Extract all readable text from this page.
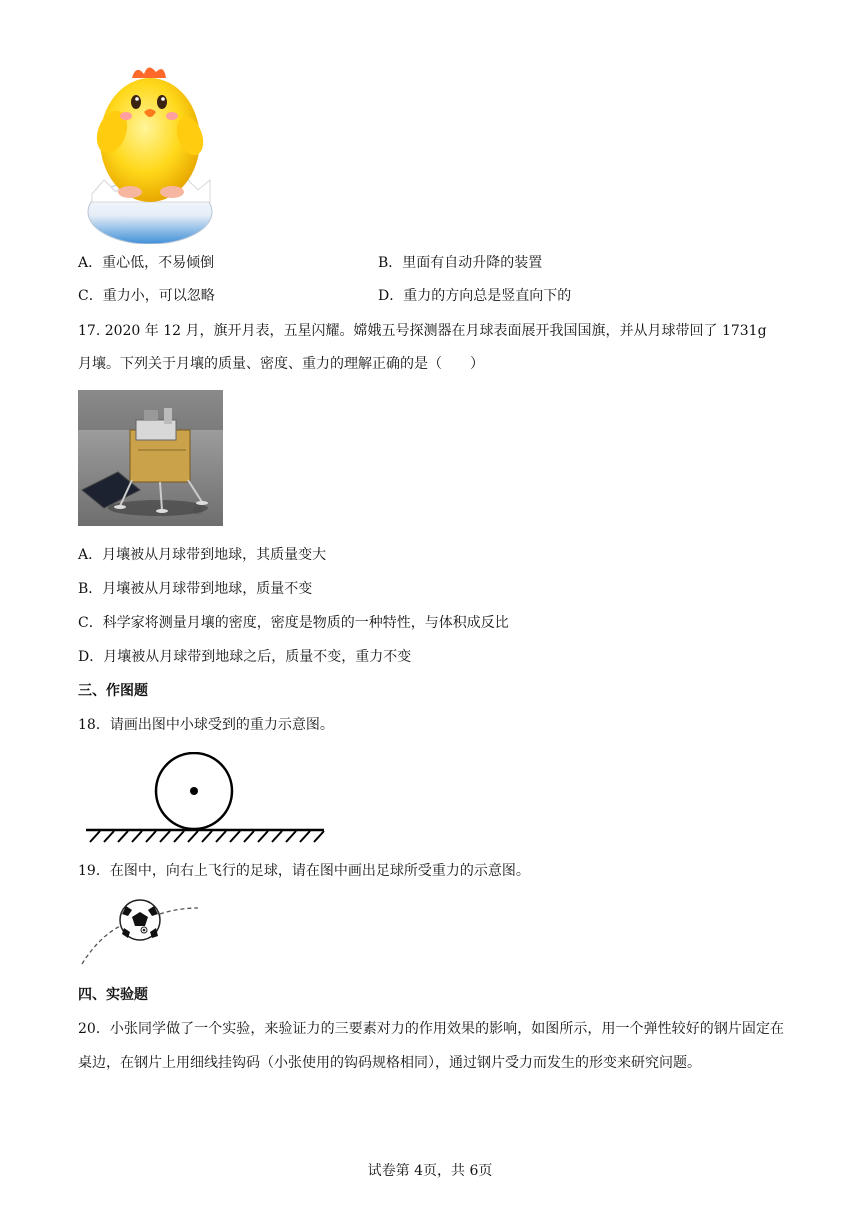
A．重心低，不易倾倒	B．里面有自动升降的装置
C．重力小，可以忽略	D．重力的方向总是竖直向下的
17. 2020 年 12 月，旗开月表，五星闪耀。嫦娥五号探测器在月球表面展开我国国旗，并从月球带回了 1731g
月壤。下列关于月壤的质量、密度、重力的理解正确的是（　　）
A．月壤被从月球带到地球，其质量变大
B．月壤被从月球带到地球，质量不变
C．科学家将测量月壤的密度，密度是物质的一种特性，与体积成反比
D．月壤被从月球带到地球之后，质量不变，重力不变
三、作图题
18．请画出图中小球受到的重力示意图。
19．在图中，向右上飞行的足球，请在图中画出足球所受重力的示意图。
四、实验题
20．小张同学做了一个实验，来验证力的三要素对力的作用效果的影响，如图所示，用一个弹性较好的钢片固定在桌边，在钢片上用细线挂钩码（小张使用的钩码规格相同），通过钢片受力而发生的形变来研究问题。
试卷第 4页，共 6页
